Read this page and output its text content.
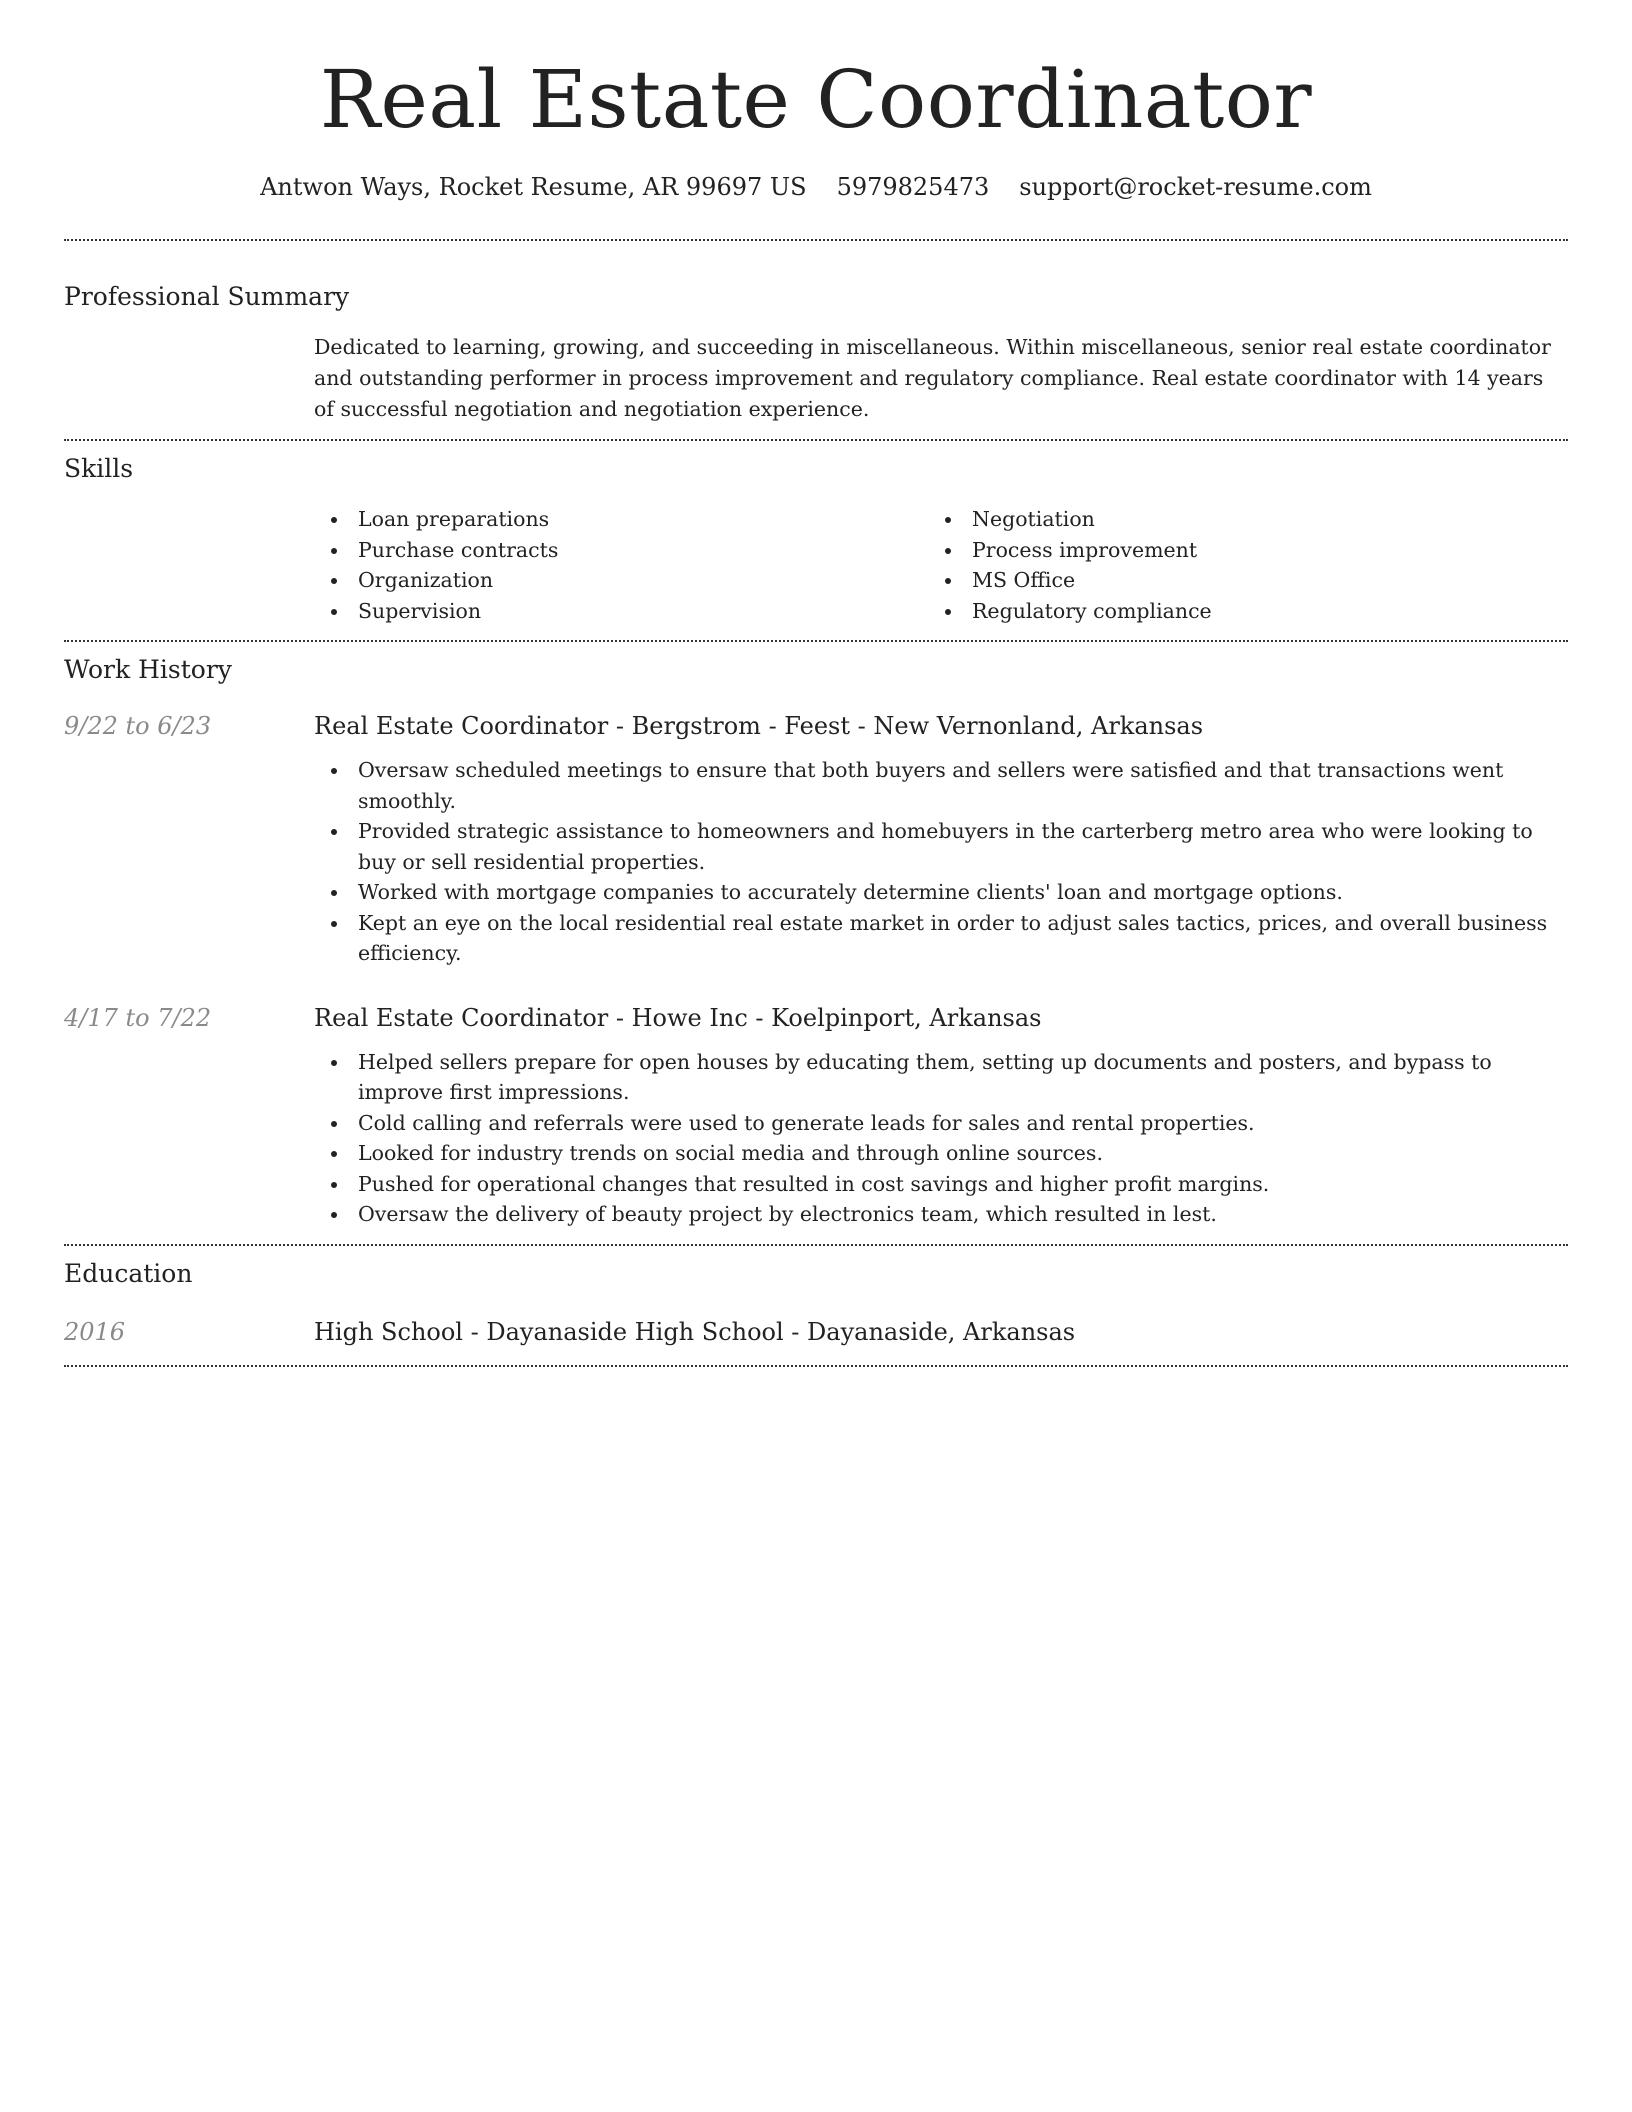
Real Estate Coordinator
Antwon Ways, Rocket Resume, AR 99697 US 5979825473 support@rocket-resume.com
Professional Summary

Dedicated to learning, growing, and succeeding in miscellaneous. Within miscellaneous, senior real estate coordinator and outstanding performer in process improvement and regulatory compliance. Real estate coordinator with 14 years of successful negotiation and negotiation experience.

Skills
Loan preparations
Purchase contracts
Organization
Supervision
Negotiation
Process improvement
MS Office
Regulatory compliance
Work History
9/22 to 6/23	Real Estate Coordinator - Bergstrom - Feest - New Vernonland, Arkansas
Oversaw scheduled meetings to ensure that both buyers and sellers were satisfied and that transactions went smoothly.
Provided strategic assistance to homeowners and homebuyers in the carterberg metro area who were looking to buy or sell residential properties.
Worked with mortgage companies to accurately determine clients' loan and mortgage options.
Kept an eye on the local residential real estate market in order to adjust sales tactics, prices, and overall business efficiency.
4/17 to 7/22	Real Estate Coordinator - Howe Inc - Koelpinport, Arkansas
Helped sellers prepare for open houses by educating them, setting up documents and posters, and bypass to improve first impressions.
Cold calling and referrals were used to generate leads for sales and rental properties.
Looked for industry trends on social media and through online sources.
Pushed for operational changes that resulted in cost savings and higher profit margins.
Oversaw the delivery of beauty project by electronics team, which resulted in lest.
Education
2016	High School - Dayanaside High School - Dayanaside, Arkansas
